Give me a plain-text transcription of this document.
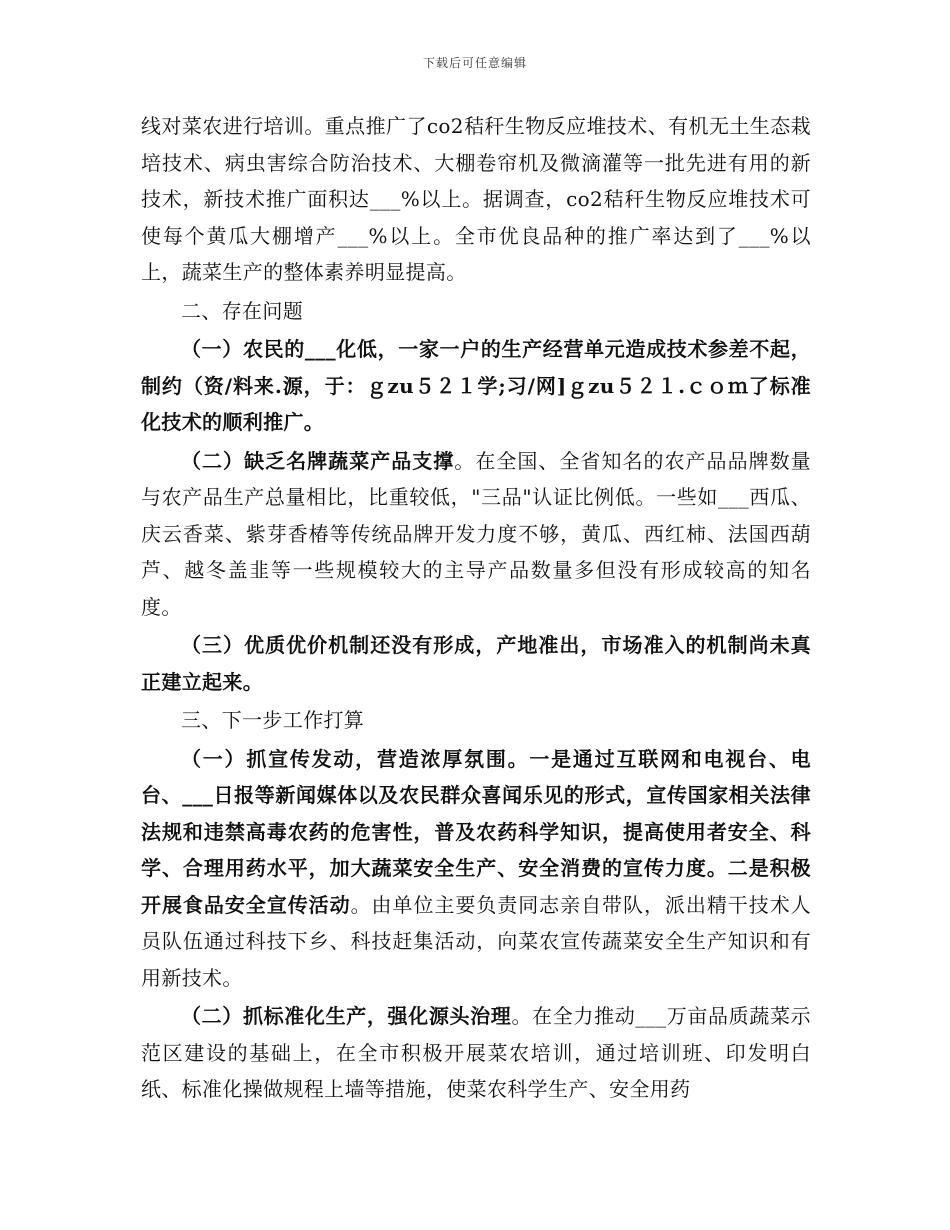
下载后可任意编辑

线对菜农进行培训。重点推广了co2秸秆生物反应堆技术、有机无土生态栽培技术、病虫害综合防治技术、大棚卷帘机及微滴灌等一批先进有用的新技术，新技术推广面积达___%以上。据调查，co2秸秆生物反应堆技术可使每个黄瓜大棚增产___%以上。全市优良品种的推广率达到了___%以上，蔬菜生产的整体素养明显提高。

二、存在问题

（一）农民的___化低，一家一户的生产经营单元造成技术参差不起，制约（资/料来.源，于：ｇzu５２１学;习/网]ｇzu５２１.ｃｏｍ了标准化技术的顺利推广。

（二）缺乏名牌蔬菜产品支撑。在全国、全省知名的农产品品牌数量与农产品生产总量相比，比重较低，"三品"认证比例低。一些如___西瓜、庆云香菜、紫芽香椿等传统品牌开发力度不够，黄瓜、西红柿、法国西葫芦、越冬盖韭等一些规模较大的主导产品数量多但没有形成较高的知名度。

（三）优质优价机制还没有形成，产地准出，市场准入的机制尚未真正建立起来。

三、下一步工作打算

（一）抓宣传发动，营造浓厚氛围。一是通过互联网和电视台、电台、___日报等新闻媒体以及农民群众喜闻乐见的形式，宣传国家相关法律法规和违禁高毒农药的危害性，普及农药科学知识，提高使用者安全、科学、合理用药水平，加大蔬菜安全生产、安全消费的宣传力度。二是积极开展食品安全宣传活动。由单位主要负责同志亲自带队，派出精干技术人员队伍通过科技下乡、科技赶集活动，向菜农宣传蔬菜安全生产知识和有用新技术。

（二）抓标准化生产，强化源头治理。在全力推动___万亩品质蔬菜示范区建设的基础上，在全市积极开展菜农培训，通过培训班、印发明白纸、标准化操做规程上墙等措施，使菜农科学生产、安全用药
